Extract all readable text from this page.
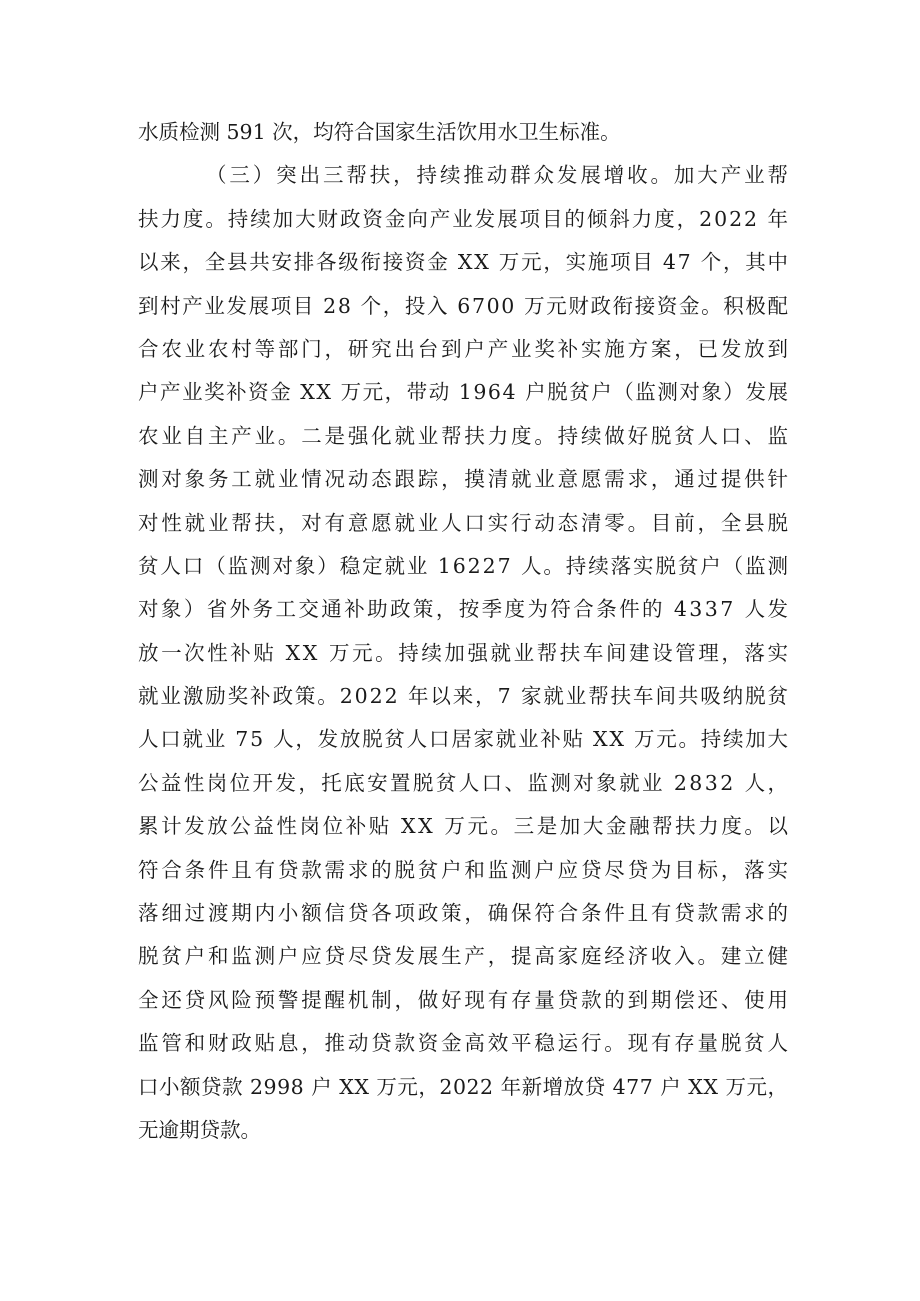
水质检测 591 次，均符合国家生活饮用水卫生标准。
（三）突出三帮扶，持续推动群众发展增收。加大产业帮
扶力度。持续加大财政资金向产业发展项目的倾斜力度，2022 年
以来，全县共安排各级衔接资金 XX 万元，实施项目 47 个，其中
到村产业发展项目 28 个，投入 6700 万元财政衔接资金。积极配
合农业农村等部门，研究出台到户产业奖补实施方案，已发放到
户产业奖补资金 XX 万元，带动 1964 户脱贫户（监测对象）发展
农业自主产业。二是强化就业帮扶力度。持续做好脱贫人口、监
测对象务工就业情况动态跟踪，摸清就业意愿需求，通过提供针
对性就业帮扶，对有意愿就业人口实行动态清零。目前，全县脱
贫人口（监测对象）稳定就业 16227 人。持续落实脱贫户（监测
对象）省外务工交通补助政策，按季度为符合条件的 4337 人发
放一次性补贴 XX 万元。持续加强就业帮扶车间建设管理，落实
就业激励奖补政策。2022 年以来，7 家就业帮扶车间共吸纳脱贫
人口就业 75 人，发放脱贫人口居家就业补贴 XX 万元。持续加大
公益性岗位开发，托底安置脱贫人口、监测对象就业 2832 人，
累计发放公益性岗位补贴 XX 万元。三是加大金融帮扶力度。以
符合条件且有贷款需求的脱贫户和监测户应贷尽贷为目标，落实
落细过渡期内小额信贷各项政策，确保符合条件且有贷款需求的
脱贫户和监测户应贷尽贷发展生产，提高家庭经济收入。建立健
全还贷风险预警提醒机制，做好现有存量贷款的到期偿还、使用
监管和财政贴息，推动贷款资金高效平稳运行。现有存量脱贫人
口小额贷款 2998 户 XX 万元，2022 年新增放贷 477 户 XX 万元，
无逾期贷款。
